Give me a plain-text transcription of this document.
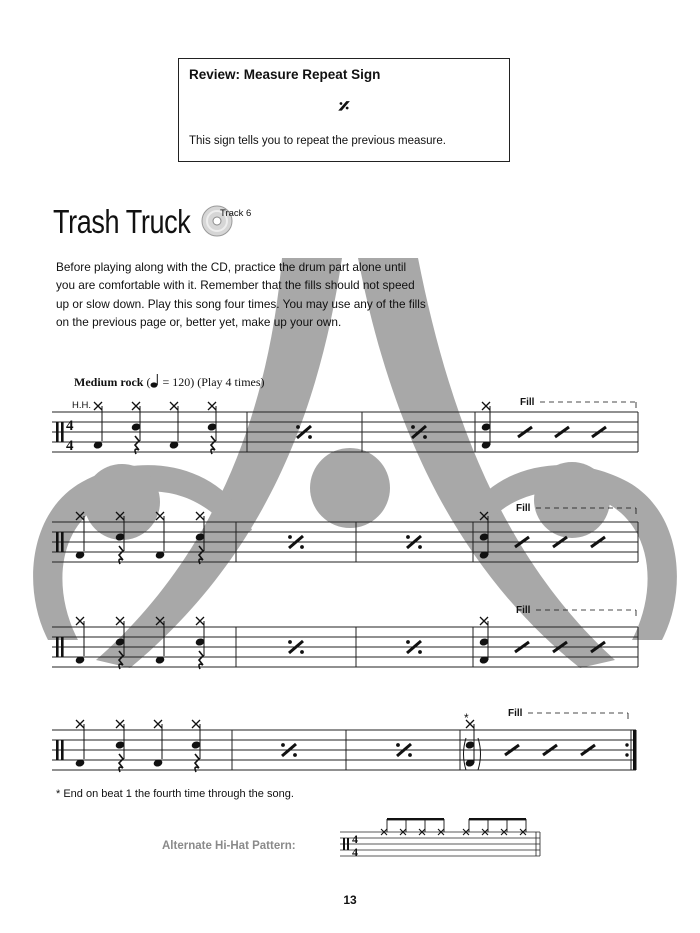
Review: Measure Repeat Sign
𝄎
This sign tells you to repeat the previous measure.
Trash Truck	Track 6
Before playing along with the CD, practice the drum part alone until you are comfortable with it. Remember that the fills should not speed up or slow down. Play this song four times. You may use any of the fills on the previous page or, better yet, make up your own.
Medium rock ( = 120) (Play 4 times)
4
4
H.H.	Fill
Fill
Fill
*	Fill
4
4
* End on beat 1 the fourth time through the song.
Alternate Hi-Hat Pattern:
13
